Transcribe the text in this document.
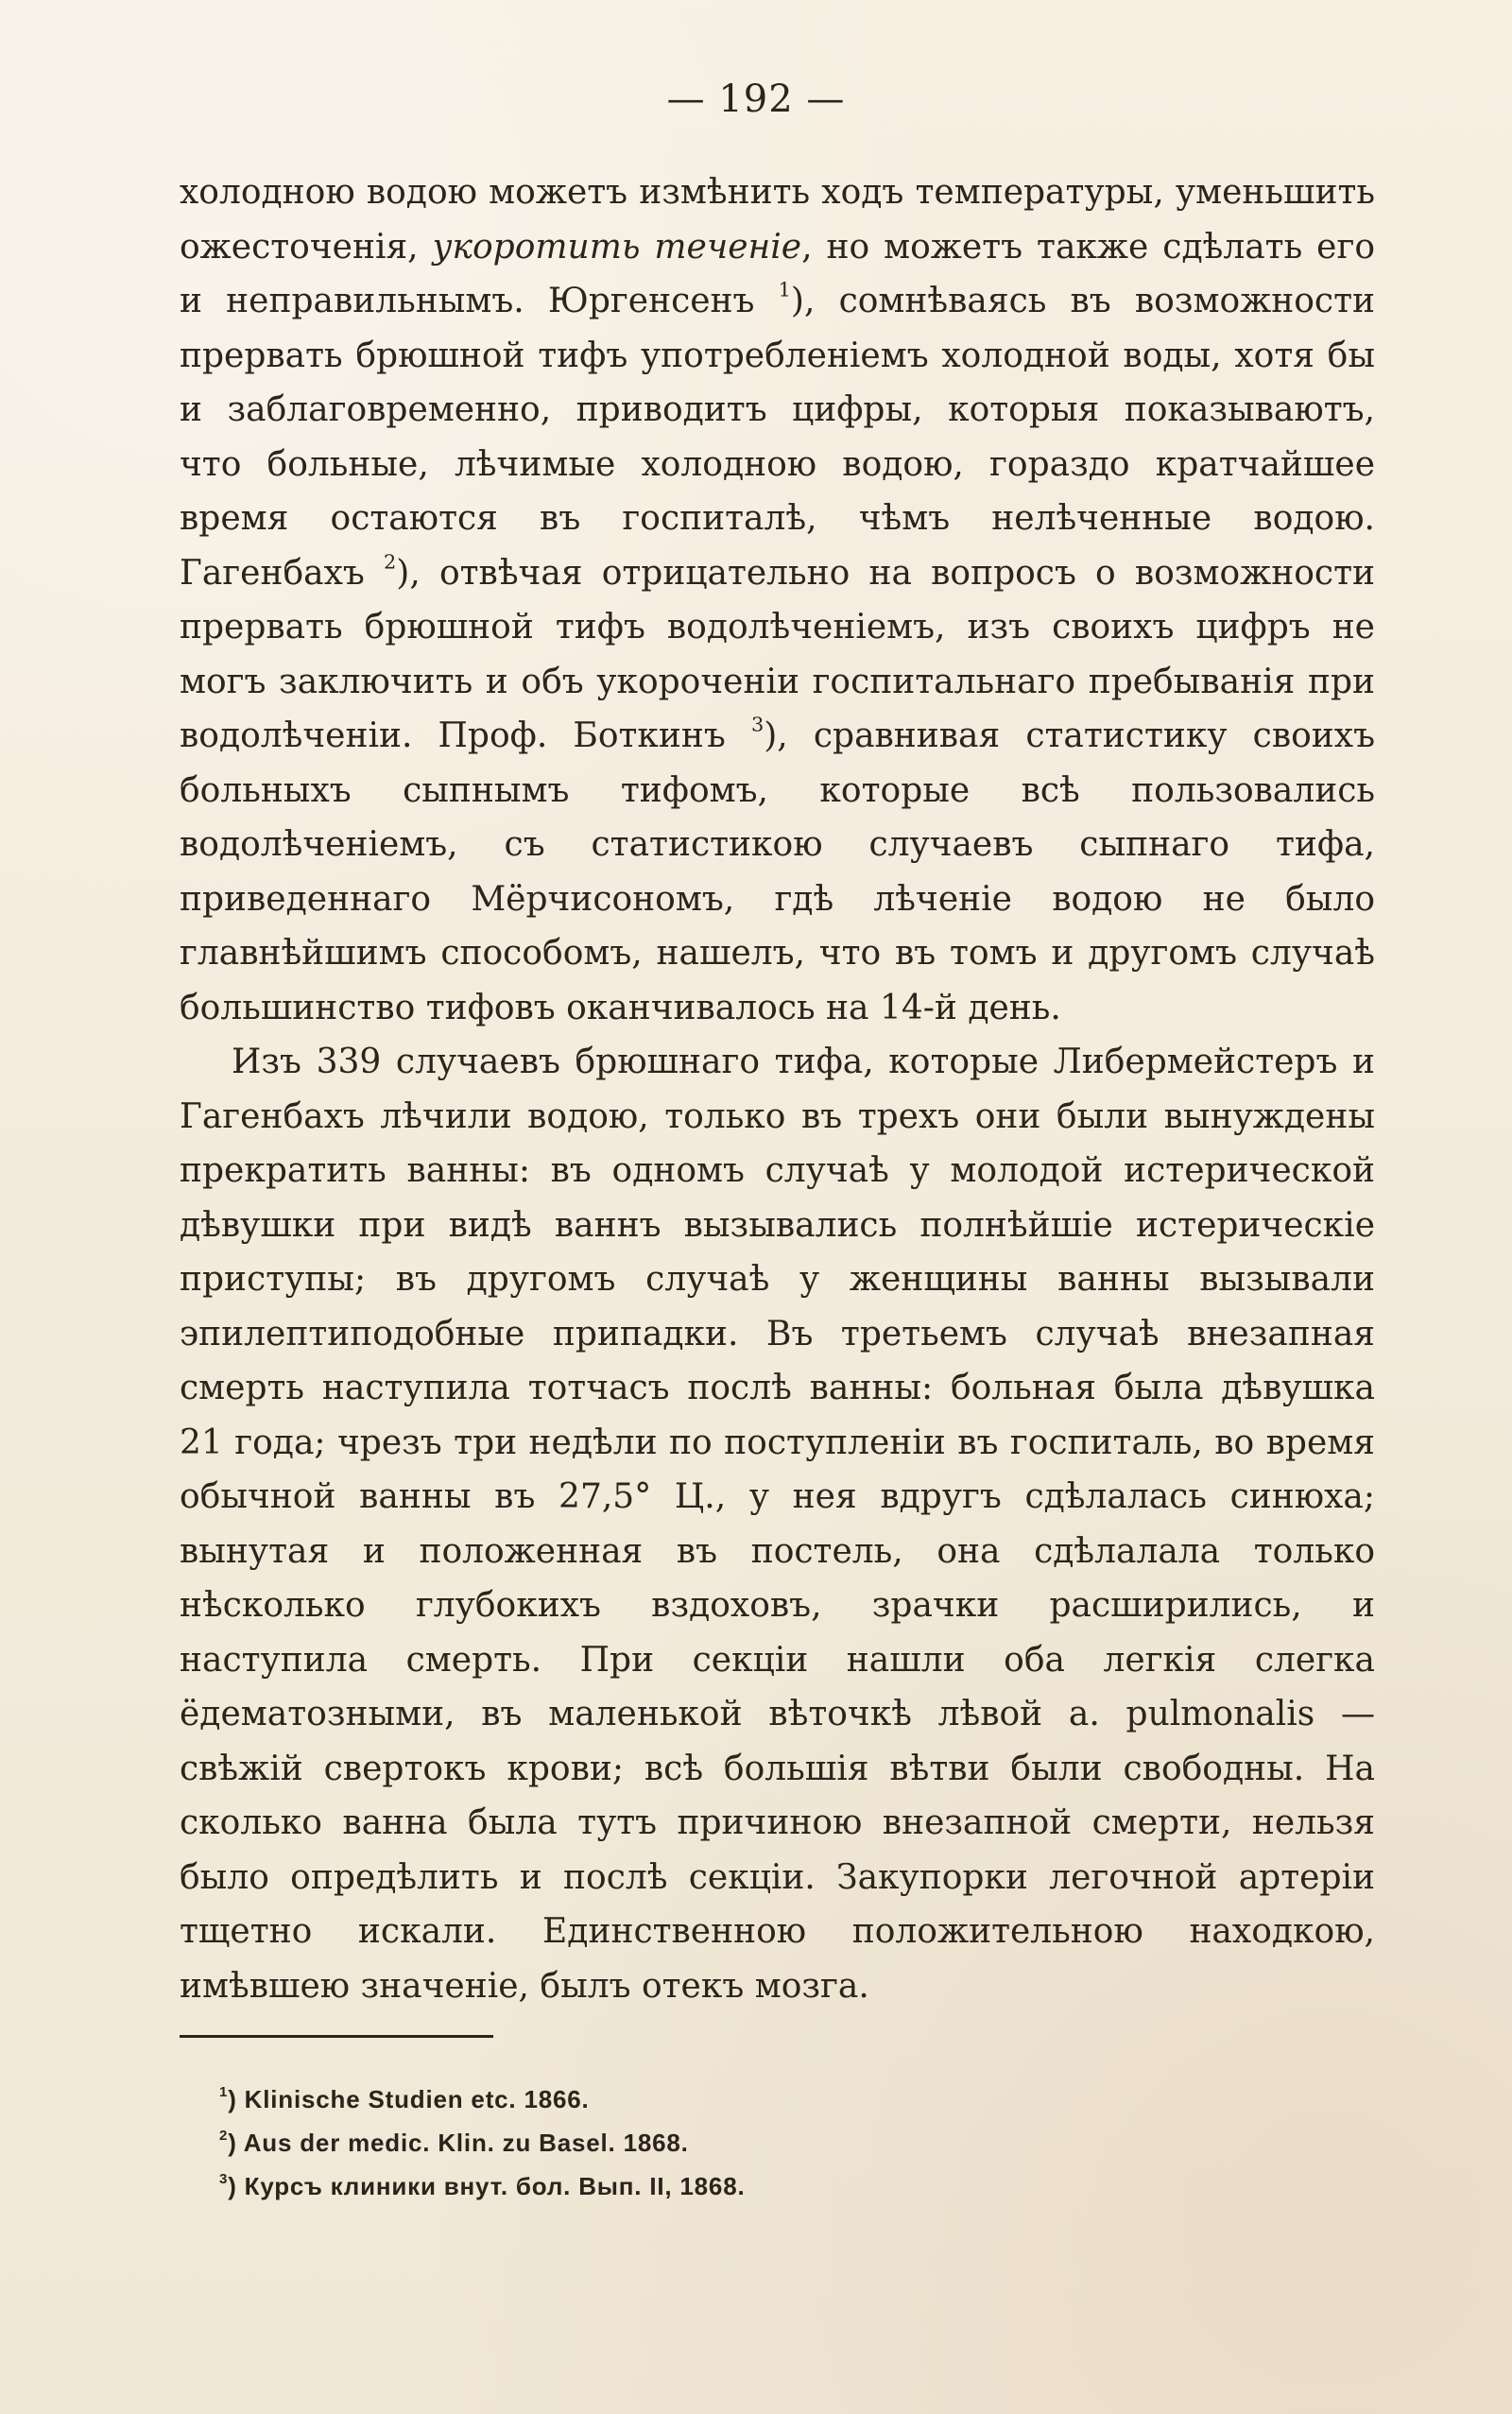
— 192 —

холодною водою можетъ измѣнить ходъ температуры, уменьшить ожесточенія, укоротить теченіе, но можетъ также сдѣлать его и неправильнымъ. Юргенсенъ $^1$), сомнѣваясь въ возможности прервать брюшной тифъ употребленіемъ холодной воды, хотя бы и заблаговременно, приводитъ цифры, которыя показываютъ, что больные, лѣчимые холодною водою, гораздо кратчайшее время остаются въ госпиталѣ, чѣмъ нелѣченные водою. Гагенбахъ $^2$), отвѣчая отрицательно на вопросъ о возможности прервать брюшной тифъ водолѣченіемъ, изъ своихъ цифръ не могъ заключить и объ укороченіи госпитальнаго пребыванія при водолѣченіи. Проф. Боткинъ $^3$), сравнивая статистику своихъ больныхъ сыпнымъ тифомъ, которые всѣ пользовались водолѣченіемъ, съ статистикою случаевъ сыпнаго тифа, приведеннаго Мёрчисономъ, гдѣ лѣченіе водою не было главнѣйшимъ способомъ, нашелъ, что въ томъ и другомъ случаѣ большинство тифовъ оканчивалось на 14-й день.

Изъ 339 случаевъ брюшнаго тифа, которые Либермейстеръ и Гагенбахъ лѣчили водою, только въ трехъ они были вынуждены прекратить ванны: въ одномъ случаѣ у молодой истерической дѣвушки при видѣ ваннъ вызывались полнѣйшіе истерическіе приступы; въ другомъ случаѣ у женщины ванны вызывали эпилептиподобные припадки. Въ третьемъ случаѣ внезапная смерть наступила тотчасъ послѣ ванны: больная была дѣвушка 21 года; чрезъ три недѣли по поступленіи въ госпиталь, во время обычной ванны въ 27,5° Ц., у нея вдругъ сдѣлалась синюха; вынутая и положенная въ постель, она сдѣлалала только нѣсколько глубокихъ вздоховъ, зрачки расширились, и наступила смерть. При секціи нашли оба легкія слегка ёдематозными, въ маленькой вѣточкѣ лѣвой a. pulmonalis — свѣжій свертокъ крови; всѣ большія вѣтви были свободны. На сколько ванна была тутъ причиною внезапной смерти, нельзя было опредѣлить и послѣ секціи. Закупорки легочной артеріи тщетно искали. Единственною положительною находкою, имѣвшею значеніе, былъ отекъ мозга.

$^1$) Klinische Studien etc. 1866.
$^2$) Aus der medic. Klin. zu Basel. 1868.
$^3$) Курсъ клиники внут. бол. Вып. II, 1868.
